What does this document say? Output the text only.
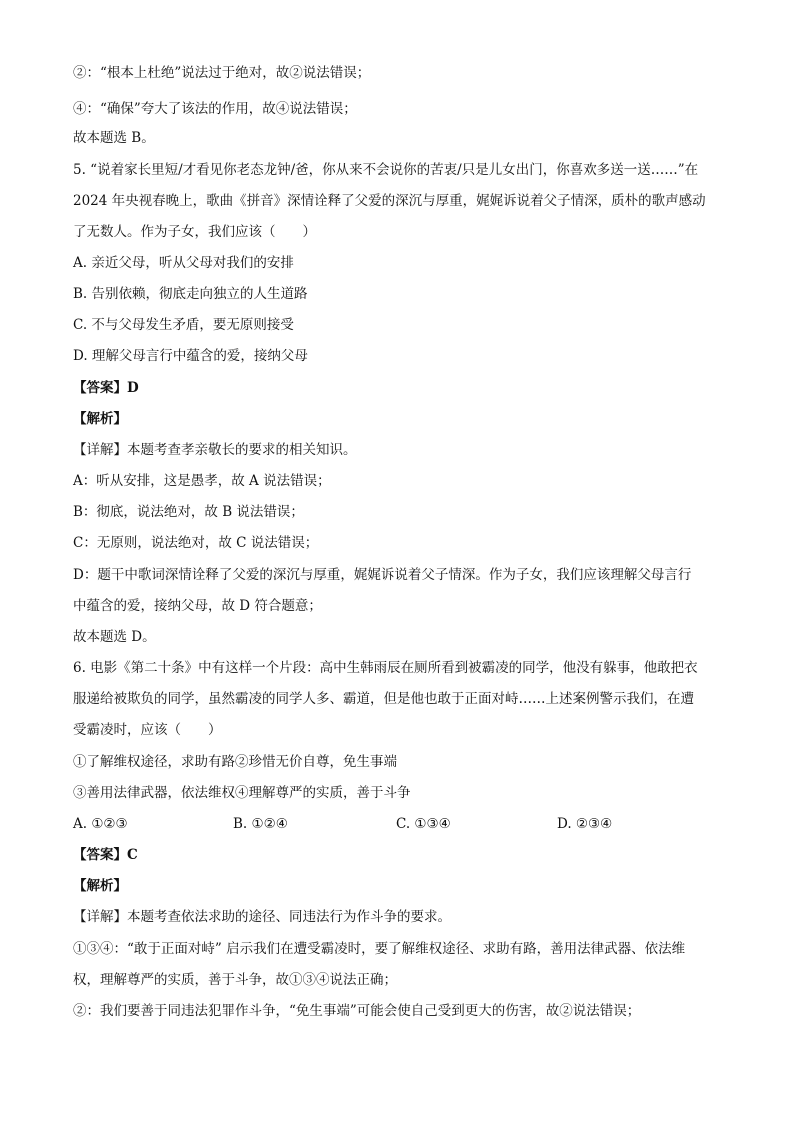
②：“根本上杜绝”说法过于绝对，故②说法错误；
④：“确保”夸大了该法的作用，故④说法错误；
故本题选 B。
5. “说着家长里短/才看见你老态龙钟/爸，你从来不会说你的苦衷/只是儿女出门，你喜欢多送一送……”在
2024 年央视春晚上，歌曲《拼音》深情诠释了父爱的深沉与厚重，娓娓诉说着父子情深，质朴的歌声感动
了无数人。作为子女，我们应该（　　）
A. 亲近父母，听从父母对我们的安排
B. 告别依赖，彻底走向独立的人生道路
C. 不与父母发生矛盾，要无原则接受
D. 理解父母言行中蕴含的爱，接纳父母
【答案】D
【解析】
【详解】本题考查孝亲敬长的要求的相关知识。
A：听从安排，这是愚孝，故 A 说法错误；
B：彻底，说法绝对，故 B 说法错误；
C：无原则，说法绝对，故 C 说法错误；
D：题干中歌词深情诠释了父爱的深沉与厚重，娓娓诉说着父子情深。作为子女，我们应该理解父母言行
中蕴含的爱，接纳父母，故 D 符合题意；
故本题选 D。
6. 电影《第二十条》中有这样一个片段：高中生韩雨辰在厕所看到被霸凌的同学，他没有躲事，他敢把衣
服递给被欺负的同学，虽然霸凌的同学人多、霸道，但是他也敢于正面对峙……上述案例警示我们，在遭
受霸凌时，应该（　　）
①了解维权途径，求助有路②珍惜无价自尊，免生事端
③善用法律武器，依法维权④理解尊严的实质，善于斗争
A. ①②③	B. ①②④	C. ①③④	D. ②③④
【答案】C
【解析】
【详解】本题考查依法求助的途径、同违法行为作斗争的要求。
①③④：“敢于正面对峙” 启示我们在遭受霸凌时，要了解维权途径、求助有路，善用法律武器、依法维
权，理解尊严的实质，善于斗争，故①③④说法正确；
②：我们要善于同违法犯罪作斗争，“免生事端”可能会使自己受到更大的伤害，故②说法错误；
